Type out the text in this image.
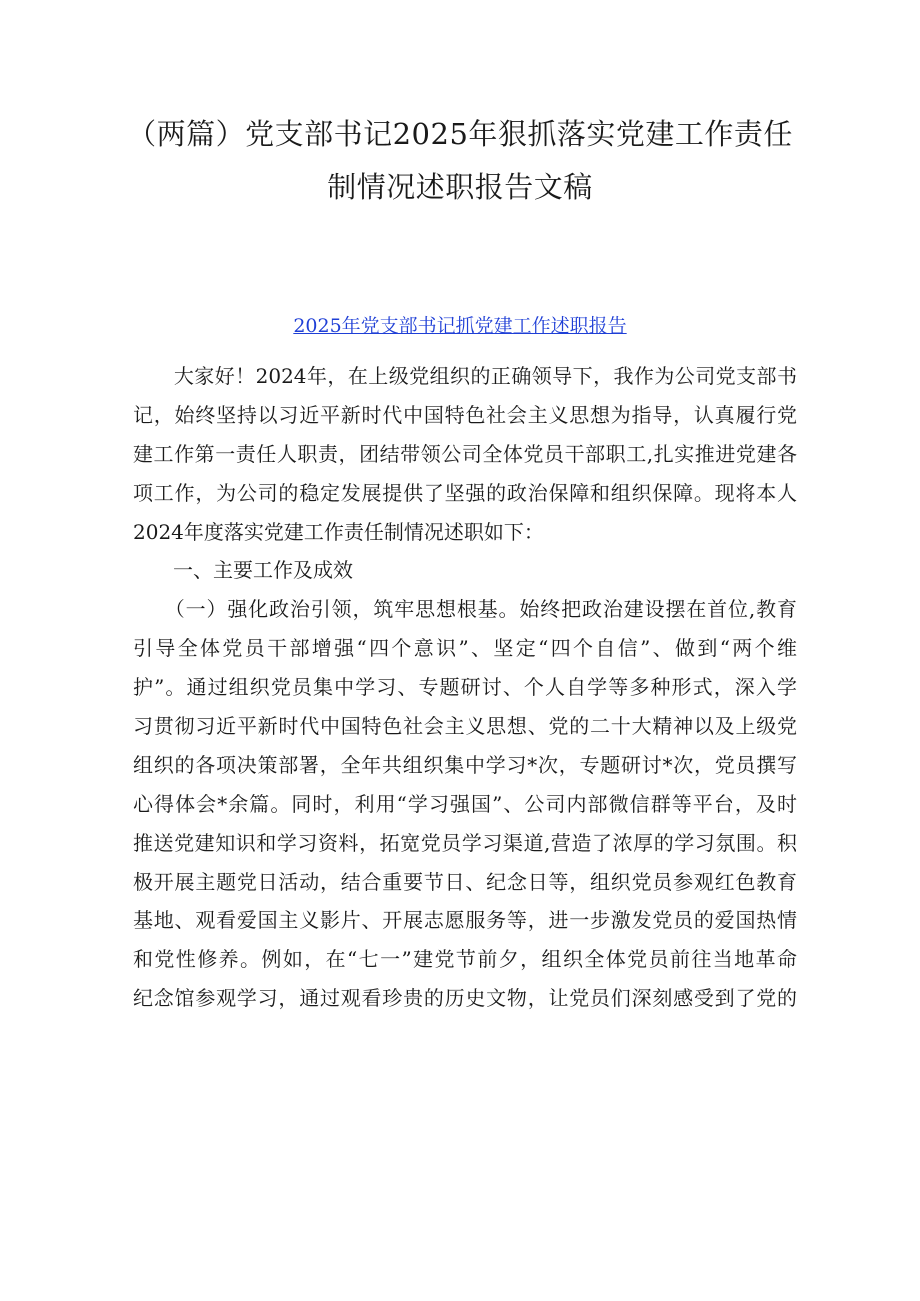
（两篇）党支部书记2025年狠抓落实党建工作责任
制情况述职报告文稿

2025年党支部书记抓党建工作述职报告

　　大家好！2024年，在上级党组织的正确领导下，我作为公司党支部书
记，始终坚持以习近平新时代中国特色社会主义思想为指导，认真履行党
建工作第一责任人职责，团结带领公司全体党员干部职工,扎实推进党建各
项工作，为公司的稳定发展提供了坚强的政治保障和组织保障。现将本人
2024年度落实党建工作责任制情况述职如下：
　　一、主要工作及成效
　　（一）强化政治引领，筑牢思想根基。始终把政治建设摆在首位,教育
引导全体党员干部增强“四个意识”、坚定“四个自信”、做到“两个维
护”。通过组织党员集中学习、专题研讨、个人自学等多种形式，深入学
习贯彻习近平新时代中国特色社会主义思想、党的二十大精神以及上级党
组织的各项决策部署，全年共组织集中学习*次，专题研讨*次，党员撰写
心得体会*余篇。同时，利用“学习强国”、公司内部微信群等平台，及时
推送党建知识和学习资料，拓宽党员学习渠道,营造了浓厚的学习氛围。积
极开展主题党日活动，结合重要节日、纪念日等，组织党员参观红色教育
基地、观看爱国主义影片、开展志愿服务等，进一步激发党员的爱国热情
和党性修养。例如，在“七一”建党节前夕，组织全体党员前往当地革命
纪念馆参观学习，通过观看珍贵的历史文物，让党员们深刻感受到了党的
